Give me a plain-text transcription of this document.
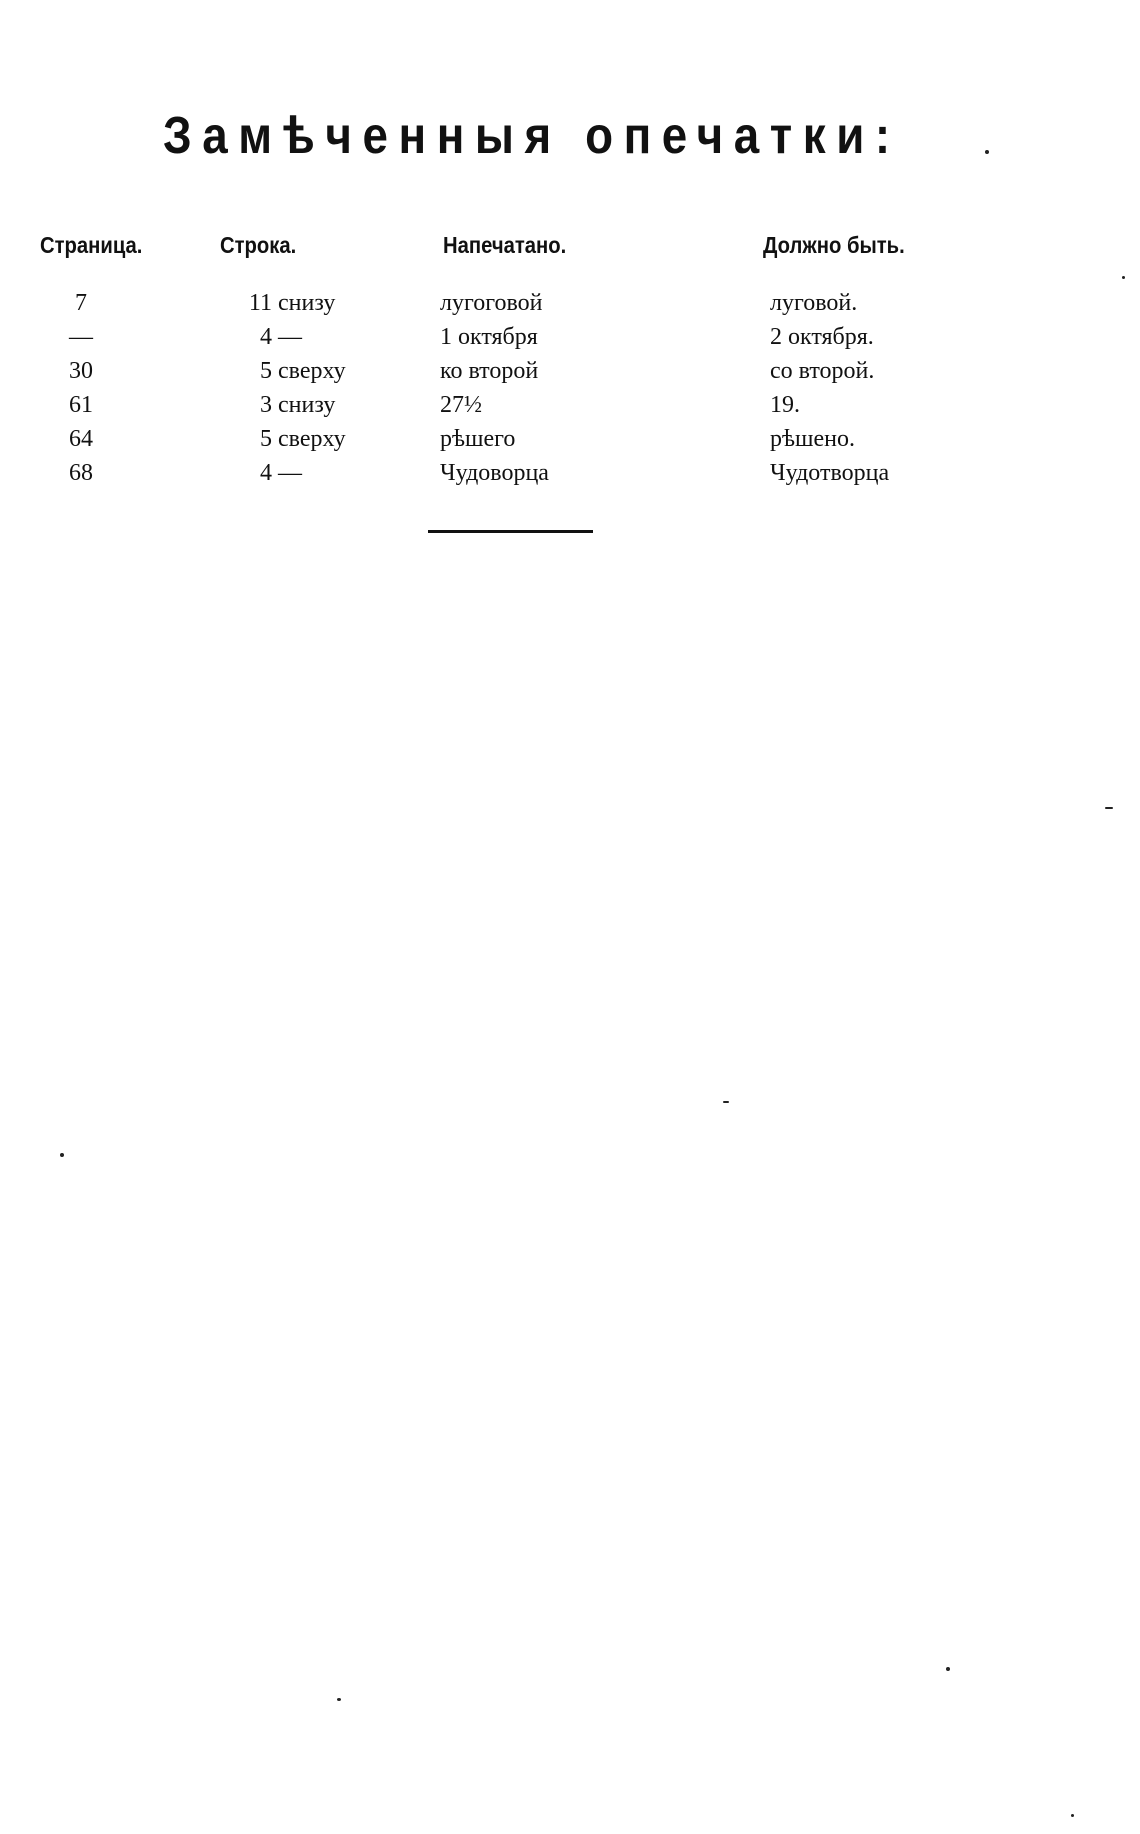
Замѣченныя опечатки:
Страница.	Строка.	Напечатано.	Должно быть.
7	11 снизу	лугоговой	луговой.
—	4 —	1 октября	2 октября.
30	5 сверху	ко второй	со второй.
61	3 снизу	27½	19.
64	5 сверху	рѣшего	рѣшено.
68	4 —	Чудоворца	Чудотворца
